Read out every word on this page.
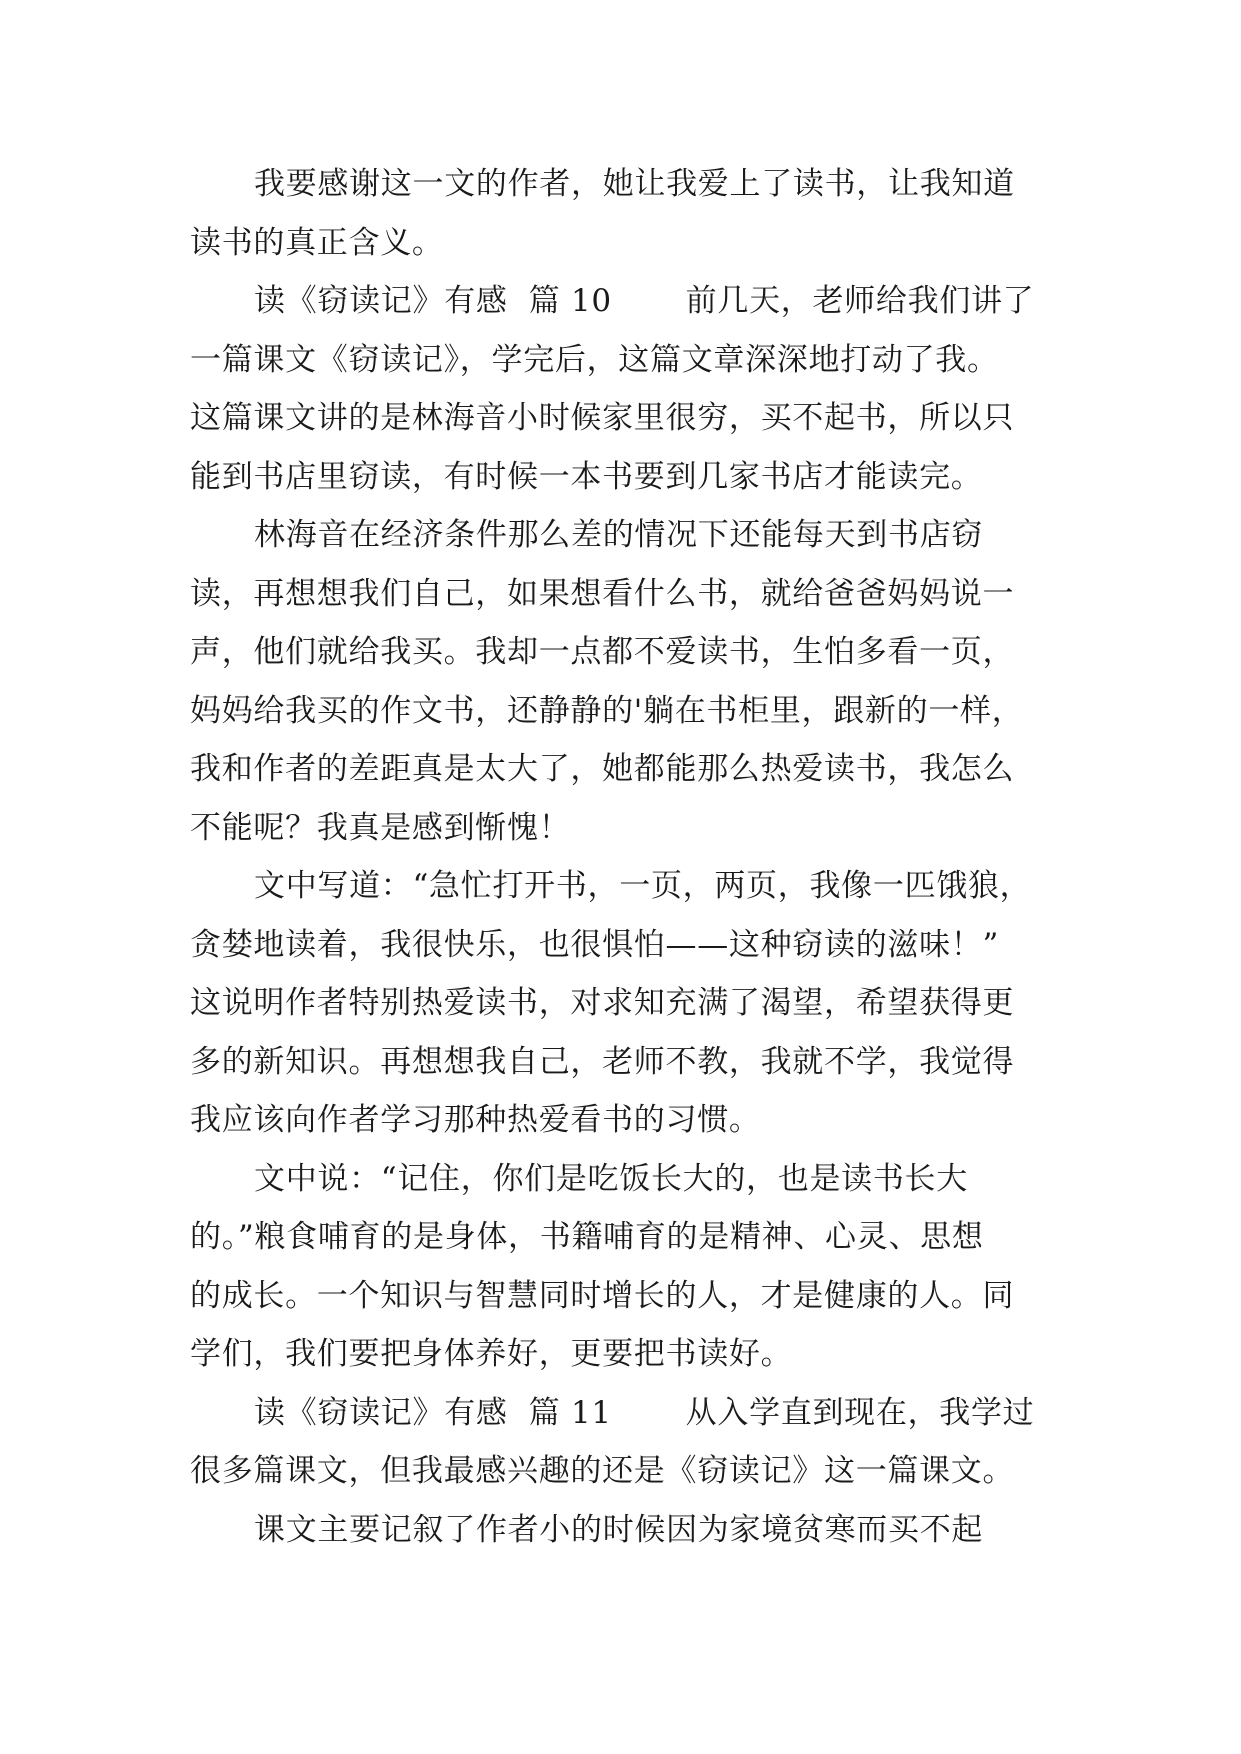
我要感谢这一文的作者，她让我爱上了读书，让我知道
读书的真正含义。
读《窃读记》有感  篇 10       前几天，老师给我们讲了
一篇课文《窃读记》，学完后，这篇文章深深地打动了我。
这篇课文讲的是林海音小时候家里很穷，买不起书，所以只
能到书店里窃读，有时候一本书要到几家书店才能读完。
林海音在经济条件那么差的情况下还能每天到书店窃
读，再想想我们自己，如果想看什么书，就给爸爸妈妈说一
声，他们就给我买。我却一点都不爱读书，生怕多看一页，
妈妈给我买的作文书，还静静的'躺在书柜里，跟新的一样，
我和作者的差距真是太大了，她都能那么热爱读书，我怎么
不能呢？我真是感到惭愧！
文中写道：“急忙打开书，一页，两页，我像一匹饿狼，
贪婪地读着，我很快乐，也很惧怕——这种窃读的滋味！”
这说明作者特别热爱读书，对求知充满了渴望，希望获得更
多的新知识。再想想我自己，老师不教，我就不学，我觉得
我应该向作者学习那种热爱看书的习惯。
文中说：“记住，你们是吃饭长大的，也是读书长大
的。”粮食哺育的是身体，书籍哺育的是精神、心灵、思想
的成长。一个知识与智慧同时增长的人，才是健康的人。同
学们，我们要把身体养好，更要把书读好。
读《窃读记》有感  篇 11       从入学直到现在，我学过
很多篇课文，但我最感兴趣的还是《窃读记》这一篇课文。
课文主要记叙了作者小的时候因为家境贫寒而买不起
